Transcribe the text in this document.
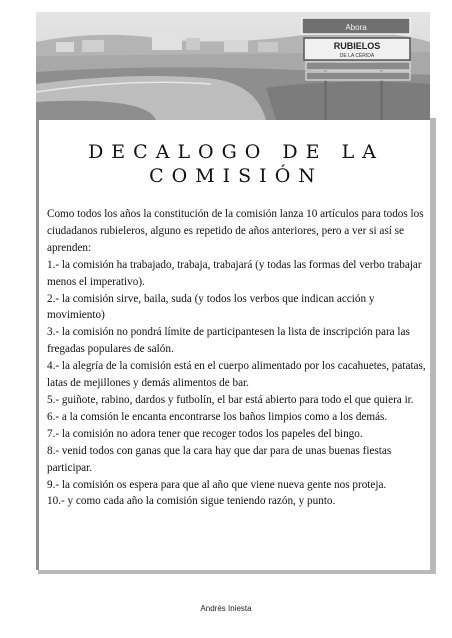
Abora
RUBIELOS
DE LA CÉRIDA
DECALOGO DE LA
COMISIÓN

Como todos los años la constitución de la comisión lanza 10 artículos para todos los ciudadanos rubieleros, alguno es repetido de años anteriores, pero a ver si así se aprenden:

1.- la comisión ha trabajado, trabaja, trabajará (y todas las formas del verbo trabajar menos el imperativo).

2.- la comisión sirve, baila, suda (y todos los verbos que indican acción y movimiento)

3.- la comisión no pondrá límite de participantesen la lista de inscripción para las fregadas populares de salón.

4.- la alegría de la comisión está en el cuerpo alimentado por los cacahuetes, patatas, latas de mejillones y demás alimentos de bar.

5.- guiñote, rabino, dardos y futbolín, el bar está abierto para todo el que quiera ir.

6.- a la comsión le encanta encontrarse los baños limpios como a los demás.

7.- la comisión no adora tener que recoger todos los papeles del bingo.

8.- venid todos con ganas que la cara hay que dar para de unas buenas fiestas participar.

9.- la comisión os espera para que al año que viene nueva gente nos proteja.

10.- y como cada año la comisión sigue teniendo razón, y punto.

Andrés Iniesta
